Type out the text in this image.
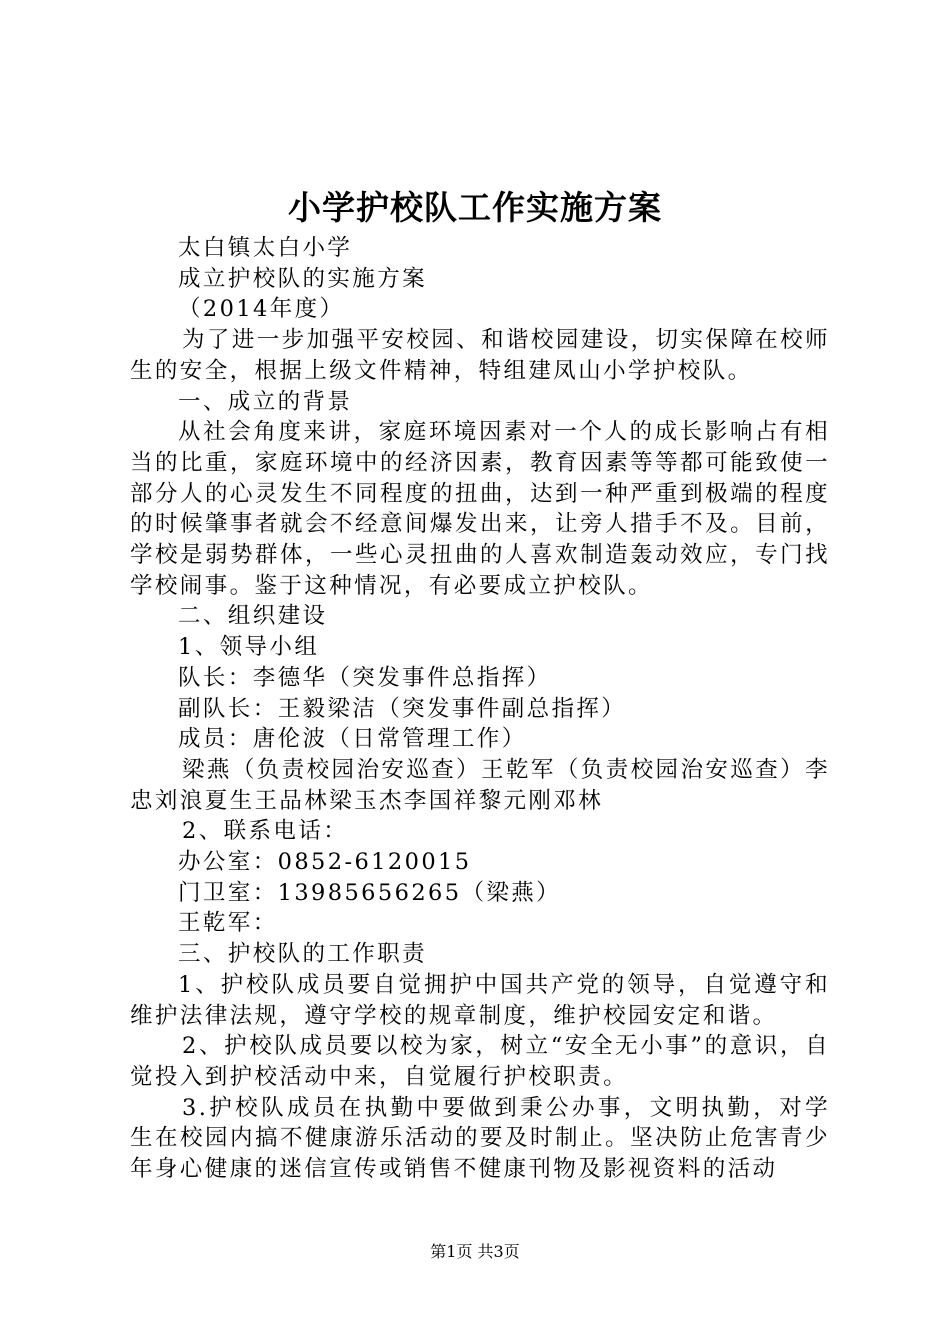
小学护校队工作实施方案

太白镇太白小学

成立护校队的实施方案

（2014年度）

为了进一步加强平安校园、和谐校园建设，切实保障在校师生的安全，根据上级文件精神，特组建凤山小学护校队。

一、成立的背景

从社会角度来讲，家庭环境因素对一个人的成长影响占有相当的比重，家庭环境中的经济因素，教育因素等等都可能致使一部分人的心灵发生不同程度的扭曲，达到一种严重到极端的程度的时候肇事者就会不经意间爆发出来，让旁人措手不及。目前，学校是弱势群体，一些心灵扭曲的人喜欢制造轰动效应，专门找学校闹事。鉴于这种情况，有必要成立护校队。

二、组织建设

1、领导小组

队长：李德华（突发事件总指挥）

副队长：王毅梁洁（突发事件副总指挥）

成员：唐伦波（日常管理工作）

梁燕（负责校园治安巡查）王乾军（负责校园治安巡查）李忠刘浪夏生王品林梁玉杰李国祥黎元刚邓林

2、联系电话：

办公室：0852-6120015

门卫室：13985656265（梁燕）

王乾军：

三、护校队的工作职责

1、护校队成员要自觉拥护中国共产党的领导，自觉遵守和维护法律法规，遵守学校的规章制度，维护校园安定和谐。

2、护校队成员要以校为家，树立“安全无小事”的意识，自觉投入到护校活动中来，自觉履行护校职责。

3.护校队成员在执勤中要做到秉公办事，文明执勤，对学生在校园内搞不健康游乐活动的要及时制止。坚决防止危害青少年身心健康的迷信宣传或销售不健康刊物及影视资料的活动

第1页 共3页
